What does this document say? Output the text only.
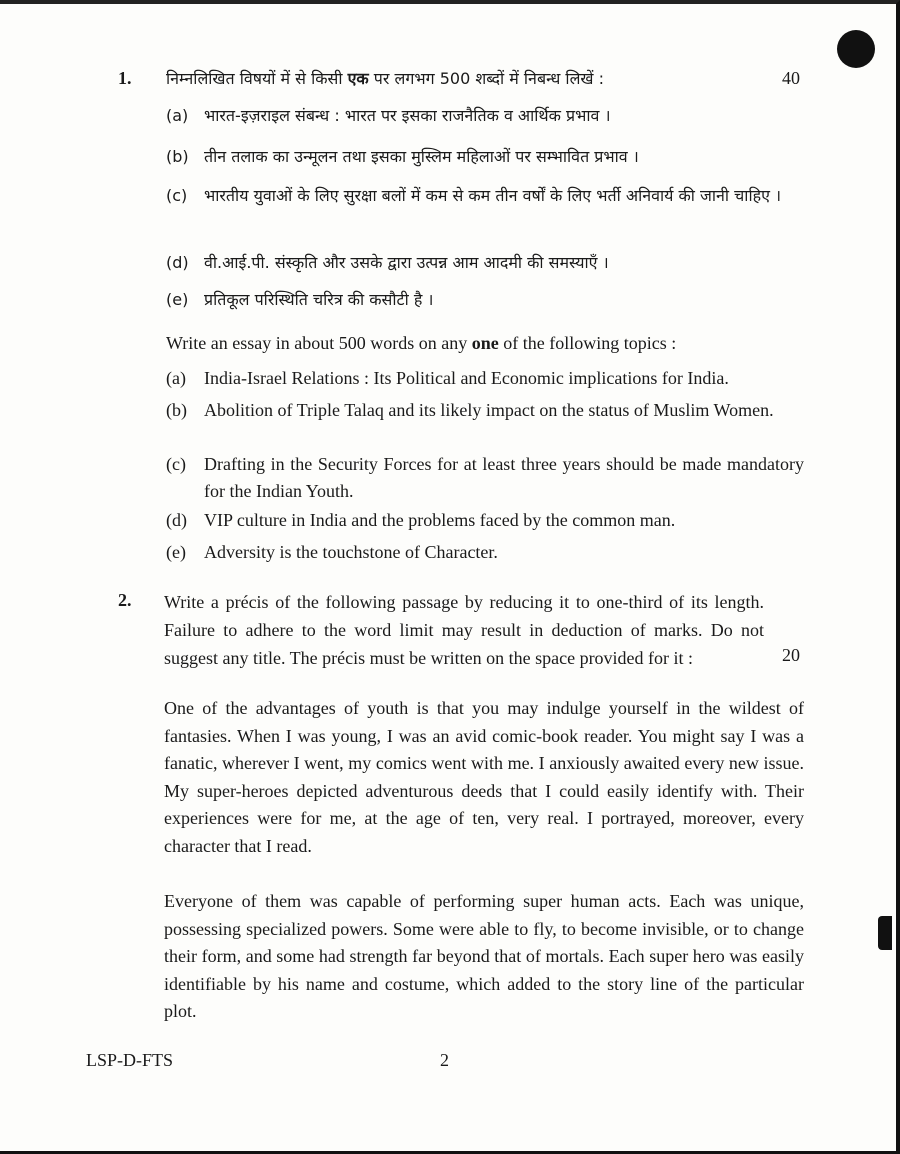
1. निम्नलिखित विषयों में से किसी एक पर लगभग 500 शब्दों में निबन्ध लिखें :	40
(a) भारत-इज़राइल संबन्ध : भारत पर इसका राजनैतिक व आर्थिक प्रभाव ।
(b) तीन तलाक का उन्मूलन तथा इसका मुस्लिम महिलाओं पर सम्भावित प्रभाव ।
(c) भारतीय युवाओं के लिए सुरक्षा बलों में कम से कम तीन वर्षों के लिए भर्ती अनिवार्य की जानी चाहिए ।
(d) वी.आई.पी. संस्कृति और उसके द्वारा उत्पन्न आम आदमी की समस्याएँ ।
(e) प्रतिकूल परिस्थिति चरित्र की कसौटी है ।
Write an essay in about 500 words on any one of the following topics :
(a) India-Israel Relations : Its Political and Economic implications for India.
(b) Abolition of Triple Talaq and its likely impact on the status of Muslim Women.
(c) Drafting in the Security Forces for at least three years should be made mandatory for the Indian Youth.
(d) VIP culture in India and the problems faced by the common man.
(e) Adversity is the touchstone of Character.
2. Write a précis of the following passage by reducing it to one-third of its length. Failure to adhere to the word limit may result in deduction of marks. Do not suggest any title. The précis must be written on the space provided for it :	20
One of the advantages of youth is that you may indulge yourself in the wildest of fantasies. When I was young, I was an avid comic-book reader. You might say I was a fanatic, wherever I went, my comics went with me. I anxiously awaited every new issue. My super-heroes depicted adventurous deeds that I could easily identify with. Their experiences were for me, at the age of ten, very real. I portrayed, moreover, every character that I read.
Everyone of them was capable of performing super human acts. Each was unique, possessing specialized powers. Some were able to fly, to become invisible, or to change their form, and some had strength far beyond that of mortals. Each super hero was easily identifiable by his name and costume, which added to the story line of the particular plot.
LSP-D-FTS	2
